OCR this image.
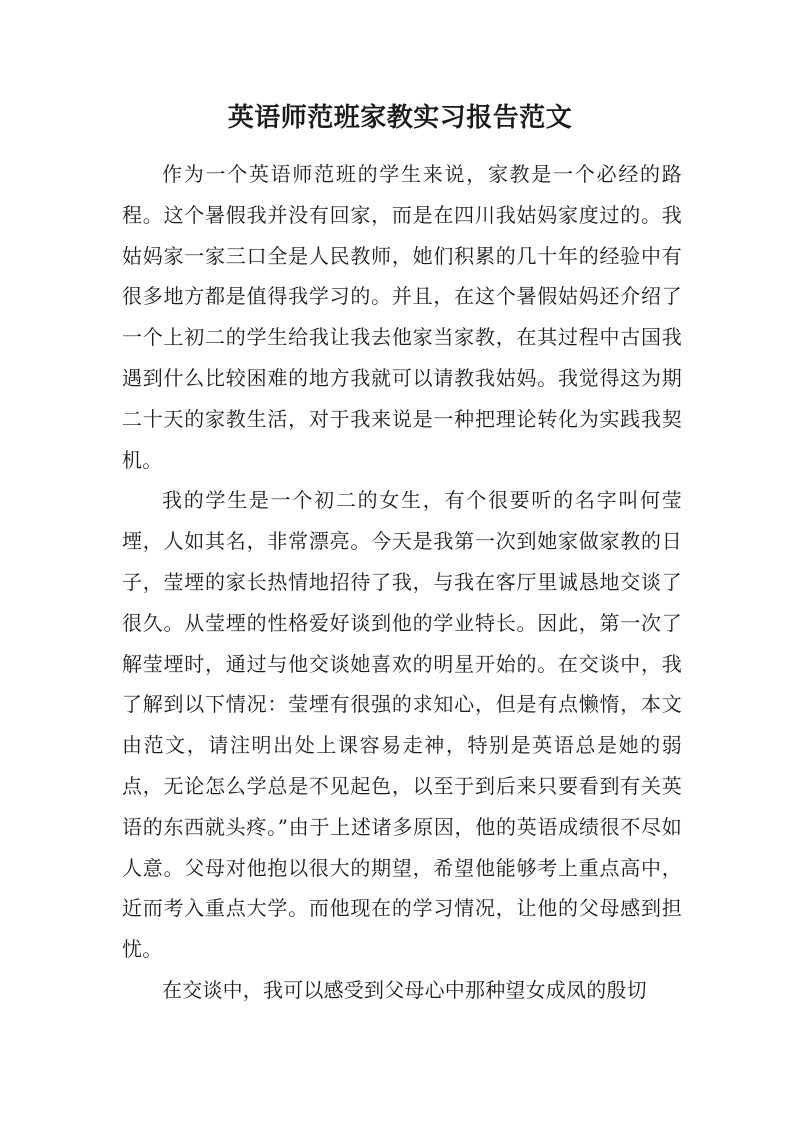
英语师范班家教实习报告范文

作为一个英语师范班的学生来说，家教是一个必经的路程。这个暑假我并没有回家，而是在四川我姑妈家度过的。我姑妈家一家三口全是人民教师，她们积累的几十年的经验中有很多地方都是值得我学习的。并且，在这个暑假姑妈还介绍了一个上初二的学生给我让我去他家当家教，在其过程中古国我遇到什么比较困难的地方我就可以请教我姑妈。我觉得这为期二十天的家教生活，对于我来说是一种把理论转化为实践我契机。

我的学生是一个初二的女生，有个很要听的名字叫何莹堙，人如其名，非常漂亮。今天是我第一次到她家做家教的日子，莹堙的家长热情地招待了我，与我在客厅里诚恳地交谈了很久。从莹堙的性格爱好谈到他的学业特长。因此，第一次了解莹堙时，通过与他交谈她喜欢的明星开始的。在交谈中，我了解到以下情况：莹堙有很强的求知心，但是有点懒惰，本文由范文，请注明出处上课容易走神，特别是英语总是她的弱点，无论怎么学总是不见起色，以至于到后来只要看到有关英语的东西就头疼。”由于上述诸多原因，他的英语成绩很不尽如人意。父母对他抱以很大的期望，希望他能够考上重点高中，近而考入重点大学。而他现在的学习情况，让他的父母感到担忧。

在交谈中，我可以感受到父母心中那种望女成凤的殷切
